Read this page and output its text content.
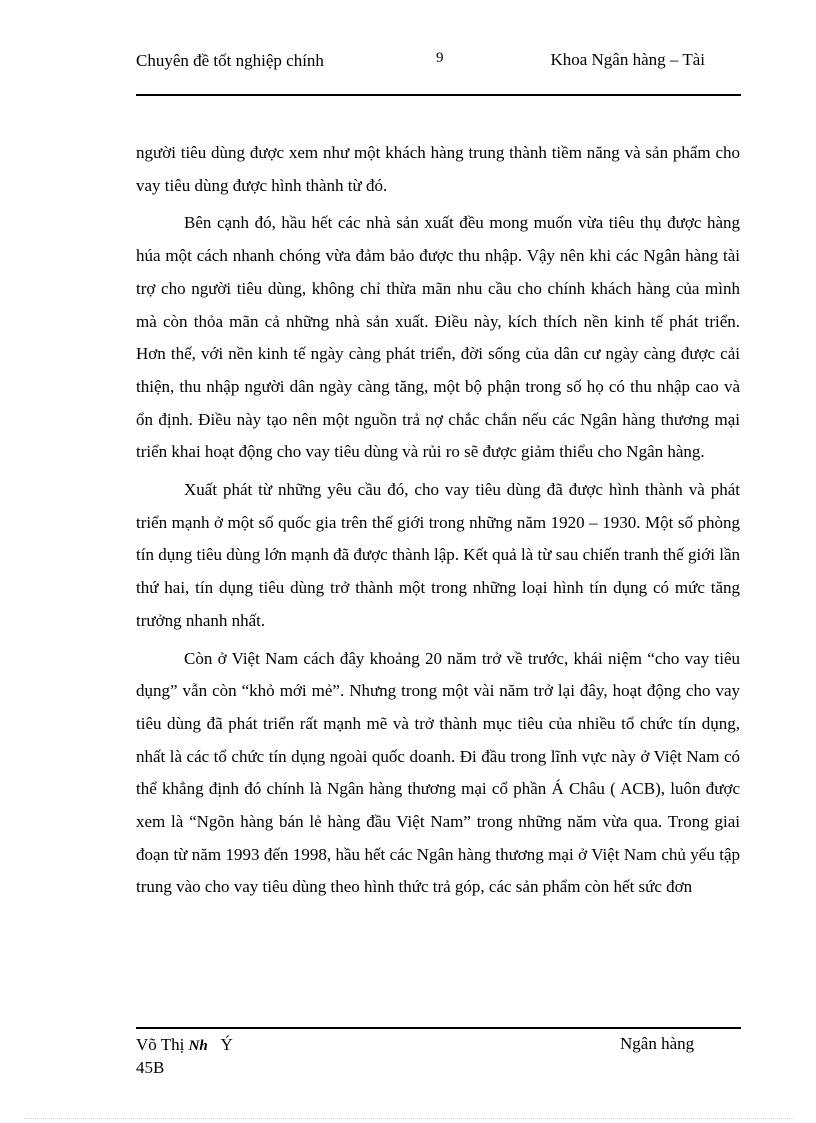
Chuyên đề tốt nghiệp chính	9	Khoa Ngân hàng – Tài

người tiêu dùng được xem như một khách hàng trung thành tiềm năng và sản phẩm cho vay tiêu dùng được hình thành từ đó.

Bên cạnh đó, hầu hết các nhà sản xuất đều mong muốn vừa tiêu thụ được hàng húa một cách nhanh chóng vừa đảm bảo được thu nhập. Vậy nên khi các Ngân hàng tài trợ cho người tiêu dùng, không chỉ thừa mãn nhu cầu cho chính khách hàng của mình mà còn thỏa mãn cả những nhà sản xuất. Điều này, kích thích nền kinh tế phát triển. Hơn thế, với nền kinh tế ngày càng phát triển, đời sống của dân cư ngày càng được cải thiện, thu nhập người dân ngày càng tăng, một bộ phận trong số họ có thu nhập cao và ổn định. Điều này tạo nên một nguồn trả nợ chắc chắn nếu các Ngân hàng thương mại triển khai hoạt động cho vay tiêu dùng và rủi ro sẽ được giảm thiểu cho Ngân hàng.

Xuất phát từ những yêu cầu đó, cho vay tiêu dùng đã được hình thành và phát triển mạnh ở một số quốc gia trên thế giới trong những năm 1920 – 1930. Một số phòng tín dụng tiêu dùng lớn mạnh đã được thành lập. Kết quả là từ sau chiến tranh thế giới lần thứ hai, tín dụng tiêu dùng trở thành một trong những loại hình tín dụng có mức tăng trưởng nhanh nhất.

Còn ở Việt Nam cách đây khoảng 20 năm trở về trước, khái niệm “cho vay tiêu dụng” vẫn còn “khỏ mới mẻ”. Nhưng trong một vài năm trở lại đây, hoạt động cho vay tiêu dùng đã phát triển rất mạnh mẽ và trở thành mục tiêu của nhiều tổ chức tín dụng, nhất là các tổ chức tín dụng ngoài quốc doanh. Đi đầu trong lĩnh vực này ở Việt Nam có thể khẳng định đó chính là Ngân hàng thương mại cổ phần Á Châu ( ACB), luôn được xem là “Ngõn hàng bán lẻ hàng đầu Việt Nam” trong những năm vừa qua. Trong giai đoạn từ năm 1993 đến 1998, hầu hết các Ngân hàng thương mại ở Việt Nam chủ yếu tập trung vào cho vay tiêu dùng theo hình thức trả góp, các sản phẩm còn hết sức đơn

Võ Thị Nh Ý
45B
Ngân hàng
